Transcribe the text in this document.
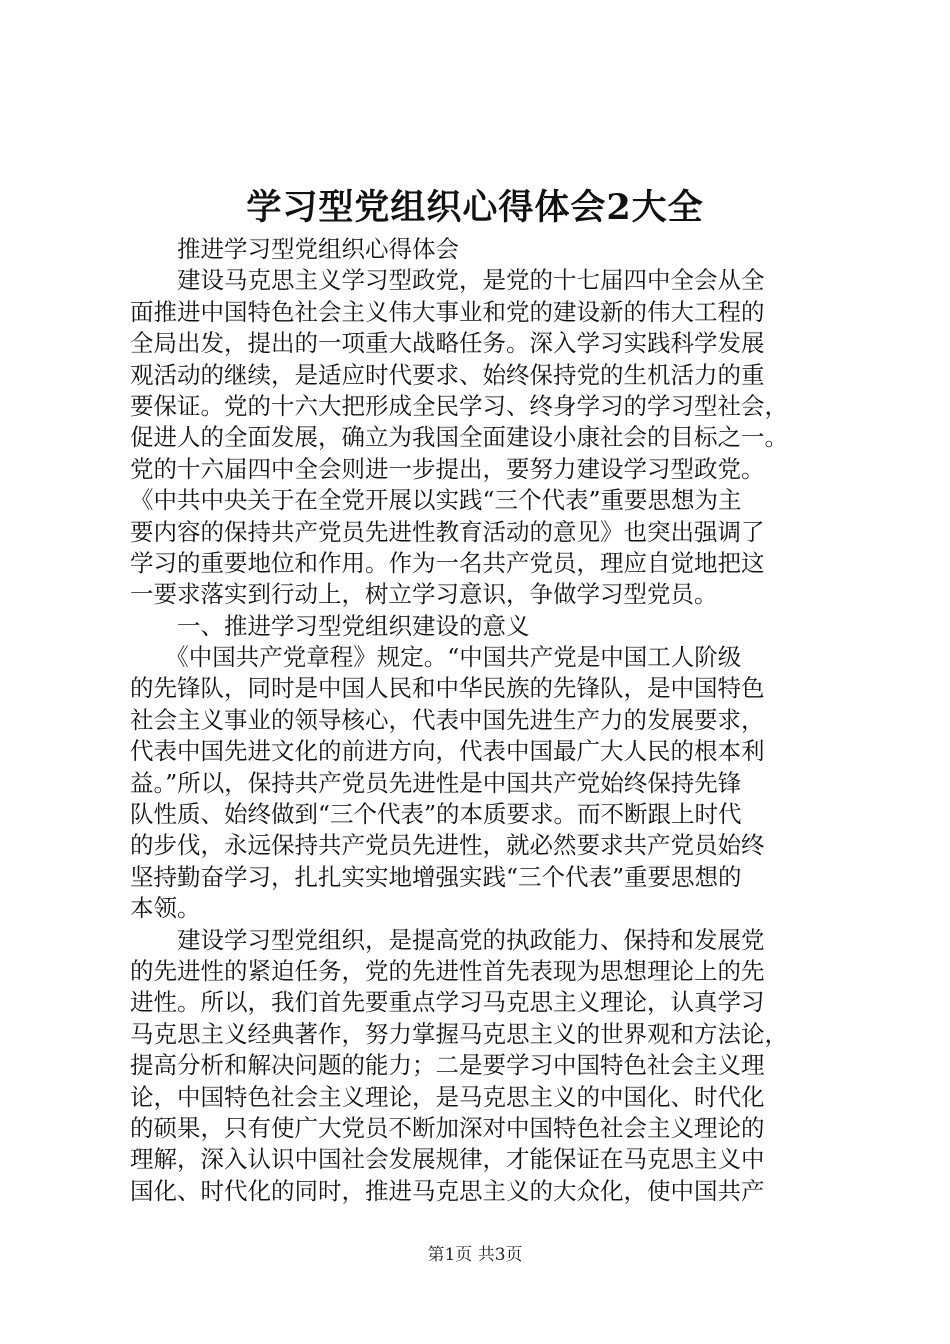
学习型党组织心得体会2大全
　　推进学习型党组织心得体会
　　建设马克思主义学习型政党，是党的十七届四中全会从全
面推进中国特色社会主义伟大事业和党的建设新的伟大工程的
全局出发，提出的一项重大战略任务。深入学习实践科学发展
观活动的继续，是适应时代要求、始终保持党的生机活力的重
要保证。党的十六大把形成全民学习、终身学习的学习型社会，
促进人的全面发展，确立为我国全面建设小康社会的目标之一。
党的十六届四中全会则进一步提出，要努力建设学习型政党。
《中共中央关于在全党开展以实践“三个代表”重要思想为主
要内容的保持共产党员先进性教育活动的意见》也突出强调了
学习的重要地位和作用。作为一名共产党员，理应自觉地把这
一要求落实到行动上，树立学习意识，争做学习型党员。
　　一、推进学习型党组织建设的意义
　　《中国共产党章程》规定。“中国共产党是中国工人阶级
的先锋队，同时是中国人民和中华民族的先锋队，是中国特色
社会主义事业的领导核心，代表中国先进生产力的发展要求，
代表中国先进文化的前进方向，代表中国最广大人民的根本利
益。”所以，保持共产党员先进性是中国共产党始终保持先锋
队性质、始终做到“三个代表”的本质要求。而不断跟上时代
的步伐，永远保持共产党员先进性，就必然要求共产党员始终
坚持勤奋学习，扎扎实实地增强实践“三个代表”重要思想的
本领。
　　建设学习型党组织，是提高党的执政能力、保持和发展党
的先进性的紧迫任务，党的先进性首先表现为思想理论上的先
进性。所以，我们首先要重点学习马克思主义理论，认真学习
马克思主义经典著作，努力掌握马克思主义的世界观和方法论，
提高分析和解决问题的能力；二是要学习中国特色社会主义理
论，中国特色社会主义理论，是马克思主义的中国化、时代化
的硕果，只有使广大党员不断加深对中国特色社会主义理论的
理解，深入认识中国社会发展规律，才能保证在马克思主义中
国化、时代化的同时，推进马克思主义的大众化，使中国共产
第1页 共3页
